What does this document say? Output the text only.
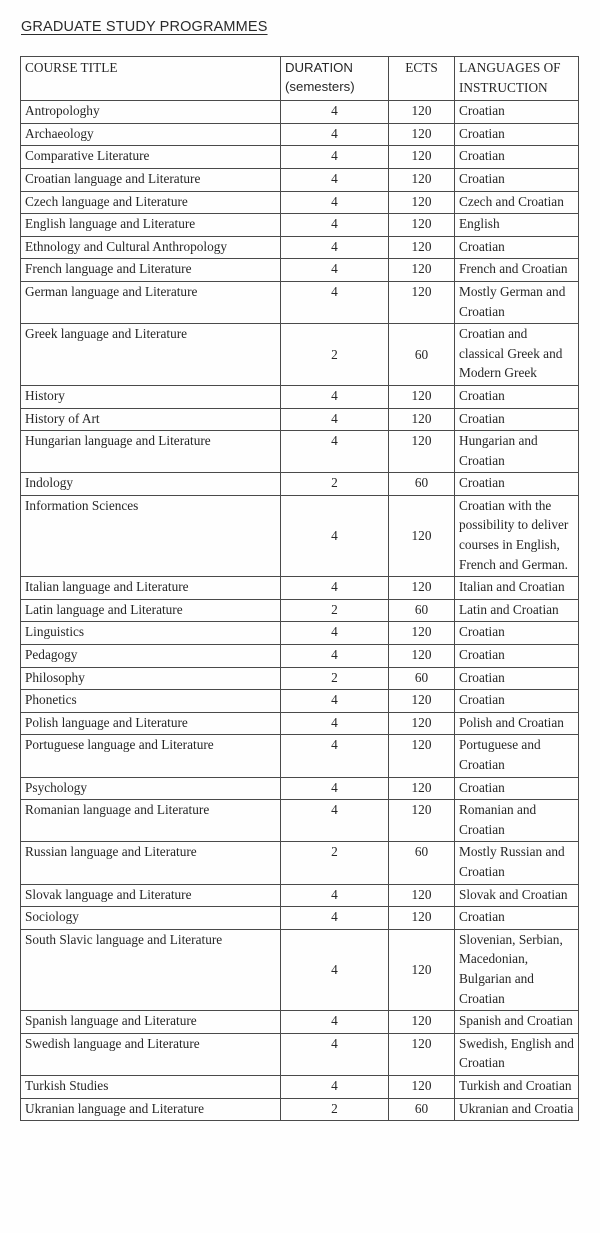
GRADUATE STUDY PROGRAMMES
COURSE TITLE	DURATION (semesters)	ECTS	LANGUAGES OF INSTRUCTION

Antropologhy	4	120	Croatian

Archaeology	4	120	Croatian

Comparative Literature	4	120	Croatian

Croatian language and Literature	4	120	Croatian

Czech language and Literature	4	120	Czech and Croatian

English language and Literature	4	120	English

Ethnology and Cultural Anthropology	4	120	Croatian

French language and Literature	4	120	French and Croatian

German language and Literature	4	120	Mostly German and Croatian

Greek language and Literature	2	60	Croatian and classical Greek and Modern Greek

History	4	120	Croatian

History of Art	4	120	Croatian

Hungarian language and Literature	4	120	Hungarian and Croatian

Indology	2	60	Croatian

Information Sciences	4	120	Croatian with the possibility to deliver courses in English, French and German.

Italian language and Literature	4	120	Italian and Croatian

Latin language and Literature	2	60	Latin and Croatian

Linguistics	4	120	Croatian

Pedagogy	4	120	Croatian

Philosophy	2	60	Croatian

Phonetics	4	120	Croatian

Polish language and Literature	4	120	Polish and Croatian

Portuguese language and Literature	4	120	Portuguese and Croatian

Psychology	4	120	Croatian

Romanian language and Literature	4	120	Romanian and Croatian

Russian language and Literature	2	60	Mostly Russian and Croatian

Slovak language and Literature	4	120	Slovak and Croatian

Sociology	4	120	Croatian

South Slavic language and Literature	4	120	Slovenian, Serbian, Macedonian, Bulgarian and Croatian

Spanish language and Literature	4	120	Spanish and Croatian

Swedish language and Literature	4	120	Swedish, English and Croatian

Turkish Studies	4	120	Turkish and Croatian

Ukranian language and Literature	2	60	Ukranian and Croatia
